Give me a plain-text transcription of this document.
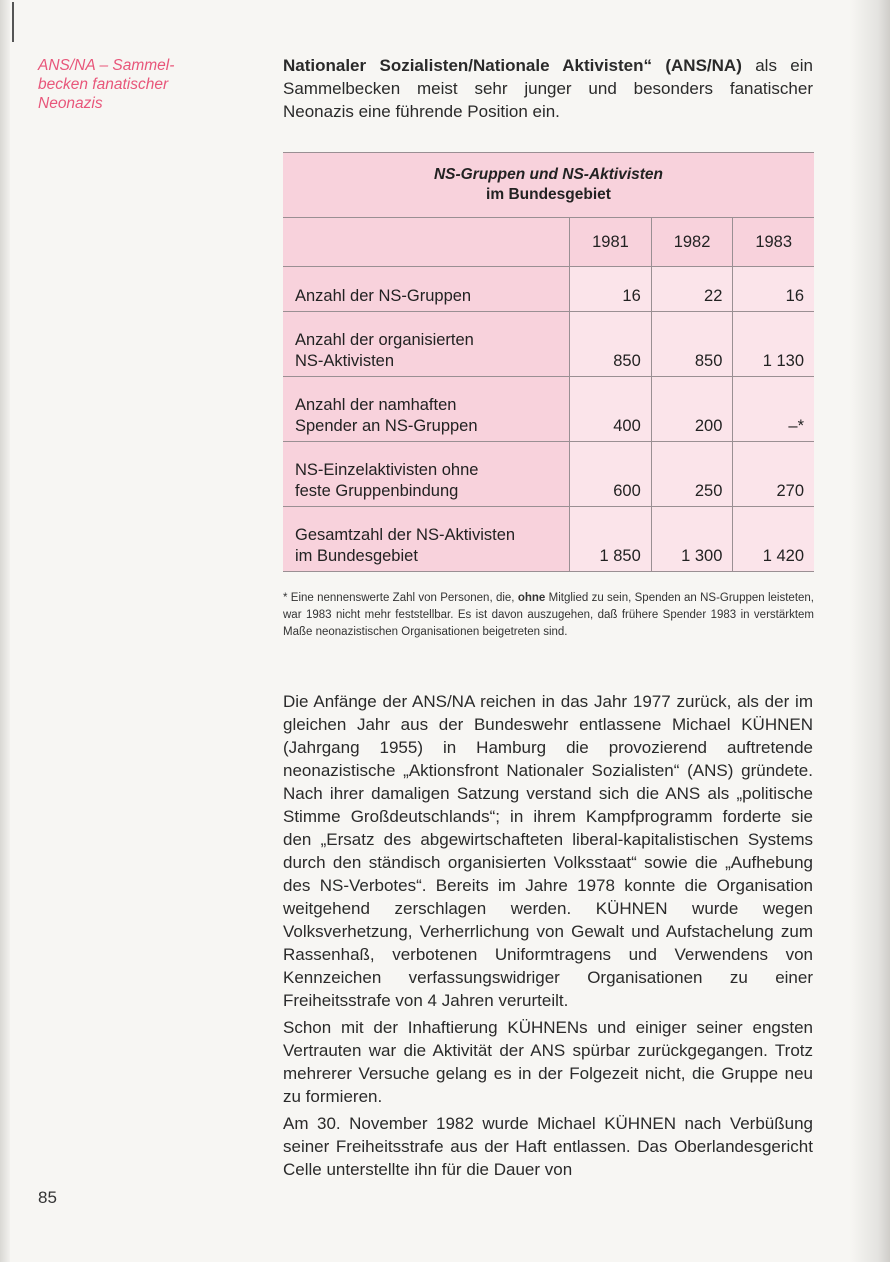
ANS/NA – Sammel-
becken fanatischer
Neonazis
Nationaler Sozialisten/Nationale Aktivisten“ (ANS/NA) als ein Sammelbecken meist sehr junger und besonders fanatischer Neonazis eine führende Position ein.
NS-Gruppen und NS-Aktivisten
im Bundesgebiet			

	1981	1982	1983

Anzahl der NS-Gruppen	16	22	16

Anzahl der organisierten
NS-Aktivisten	850	850	1 130

Anzahl der namhaften
Spender an NS-Gruppen	400	200	–*

NS-Einzelaktivisten ohne
feste Gruppenbindung	600	250	270

Gesamtzahl der NS-Aktivisten
im Bundesgebiet	1 850	1 300	1 420
* Eine nennenswerte Zahl von Personen, die, ohne Mitglied zu sein, Spenden an NS-Gruppen leisteten, war 1983 nicht mehr feststellbar. Es ist davon auszugehen, daß frühere Spender 1983 in verstärktem Maße neonazistischen Organisationen beigetreten sind.

Die Anfänge der ANS/NA reichen in das Jahr 1977 zurück, als der im gleichen Jahr aus der Bundeswehr entlassene Michael KÜHNEN (Jahrgang 1955) in Hamburg die provozierend auftretende neonazistische „Aktionsfront Nationaler Sozialisten“ (ANS) gründete. Nach ihrer damaligen Satzung verstand sich die ANS als „politische Stimme Großdeutschlands“; in ihrem Kampfprogramm forderte sie den „Ersatz des abgewirtschafteten liberal-kapitalistischen Systems durch den ständisch organisierten Volksstaat“ sowie die „Aufhebung des NS-Verbotes“. Bereits im Jahre 1978 konnte die Organisation weitgehend zerschlagen werden. KÜHNEN wurde wegen Volksverhetzung, Verherrlichung von Gewalt und Aufstachelung zum Rassenhaß, verbotenen Uniformtragens und Verwendens von Kennzeichen verfassungswidriger Organisationen zu einer Freiheitsstrafe von 4 Jahren verurteilt.

Schon mit der Inhaftierung KÜHNENs und einiger seiner engsten Vertrauten war die Aktivität der ANS spürbar zurückgegangen. Trotz mehrerer Versuche gelang es in der Folgezeit nicht, die Gruppe neu zu formieren.

Am 30. November 1982 wurde Michael KÜHNEN nach Verbüßung seiner Freiheitsstrafe aus der Haft entlassen. Das Oberlandesgericht Celle unterstellte ihn für die Dauer von

85
